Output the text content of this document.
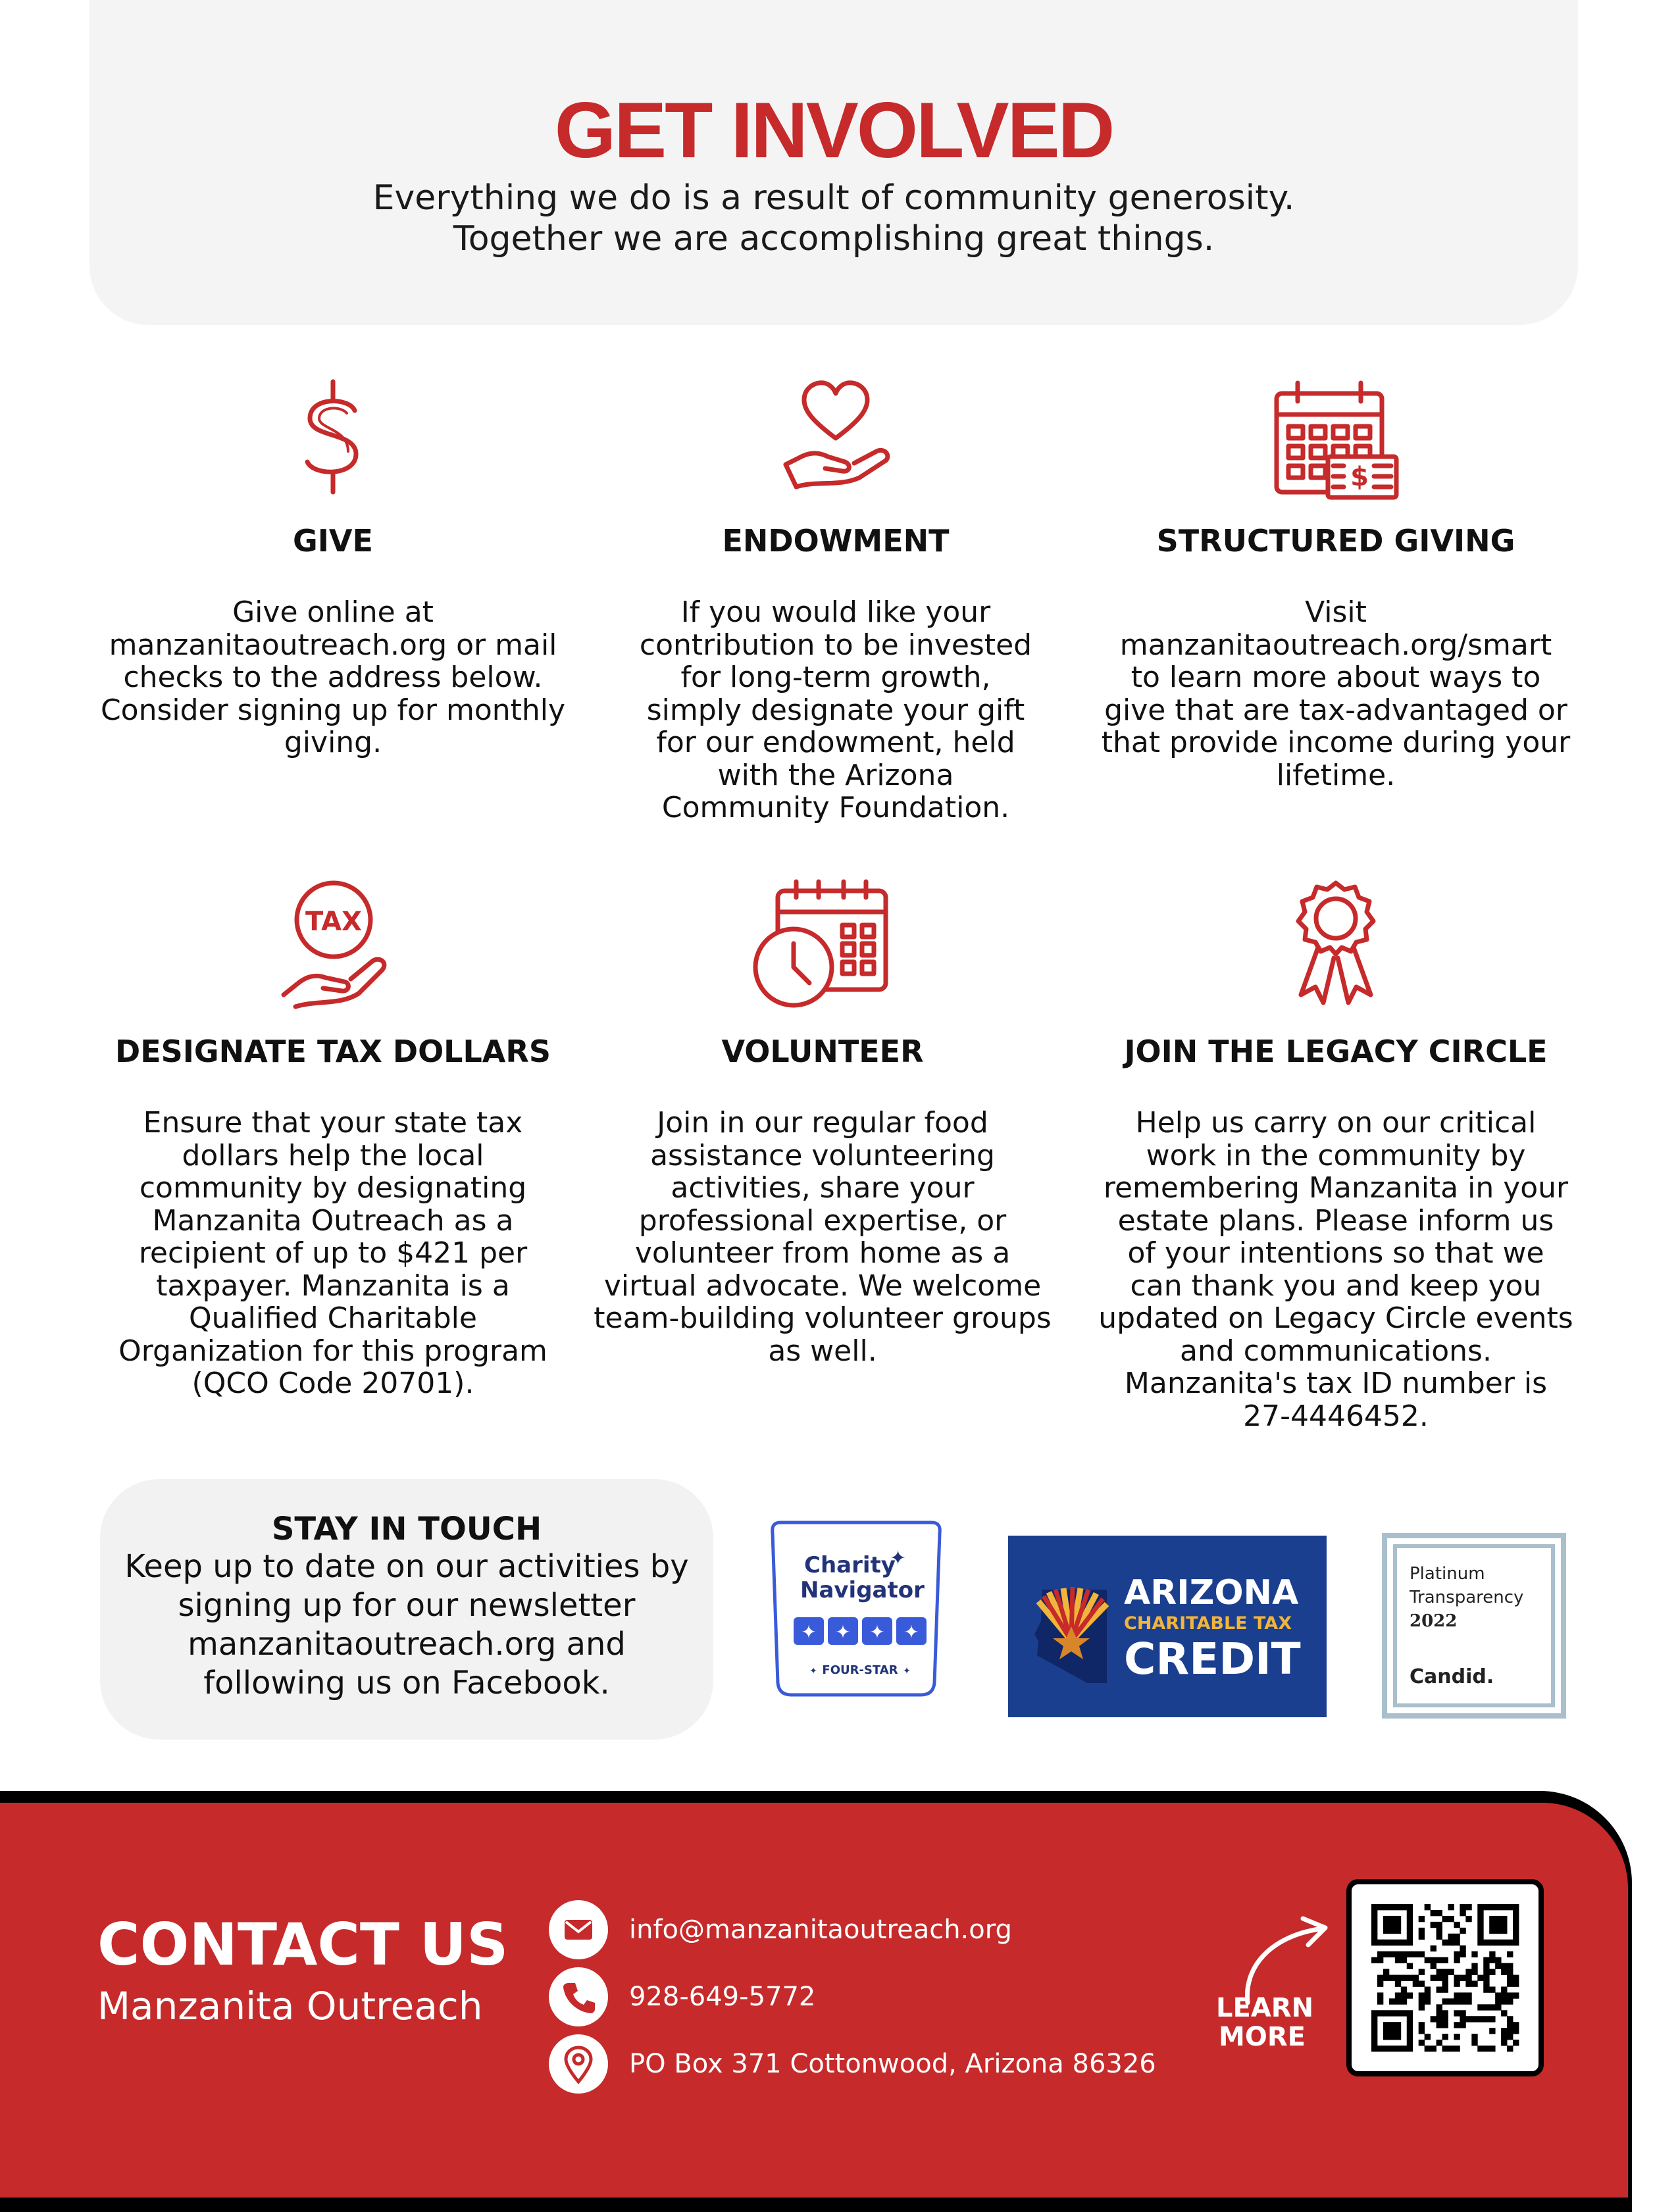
GET INVOLVED
Everything we do is a result of community generosity.
Together we are accomplishing great things.
GIVE
Give online at
manzanitaoutreach.org or mail
checks to the address below.
Consider signing up for monthly
giving.
ENDOWMENT
If you would like your
contribution to be invested
for long-term growth,
simply designate your gift
for our endowment, held
with the Arizona
Community Foundation.
$
STRUCTURED GIVING
Visit
manzanitaoutreach.org/smart
to learn more about ways to
give that are tax-advantaged or
that provide income during your
lifetime.
TAX
DESIGNATE TAX DOLLARS
Ensure that your state tax
dollars help the local
community by designating
Manzanita Outreach as a
recipient of up to $421 per
taxpayer. Manzanita is a
Qualified Charitable
Organization for this program
(QCO Code 20701).
VOLUNTEER
Join in our regular food
assistance volunteering
activities, share your
professional expertise, or
volunteer from home as a
virtual advocate. We welcome
team-building volunteer groups
as well.
JOIN THE LEGACY CIRCLE
Help us carry on our critical
work in the community by
remembering Manzanita in your
estate plans. Please inform us
of your intentions so that we
can thank you and keep you
updated on Legacy Circle events
and communications.
Manzanita's tax ID number is
27-4446452.
STAY IN TOUCH
Keep up to date on our activities by
signing up for our newsletter
manzanitaoutreach.org and
following us on Facebook.
Charity
Navigator
✦
✦ ✦ ✦ ✦
FOUR-STAR
✦	✦
ARIZONA
CHARITABLE TAX
CREDIT
Platinum
Transparency
2022
Candid.
CONTACT US
Manzanita Outreach
info@manzanitaoutreach.org
928-649-5772
PO Box 371 Cottonwood, Arizona 86326
LEARN
MORE
